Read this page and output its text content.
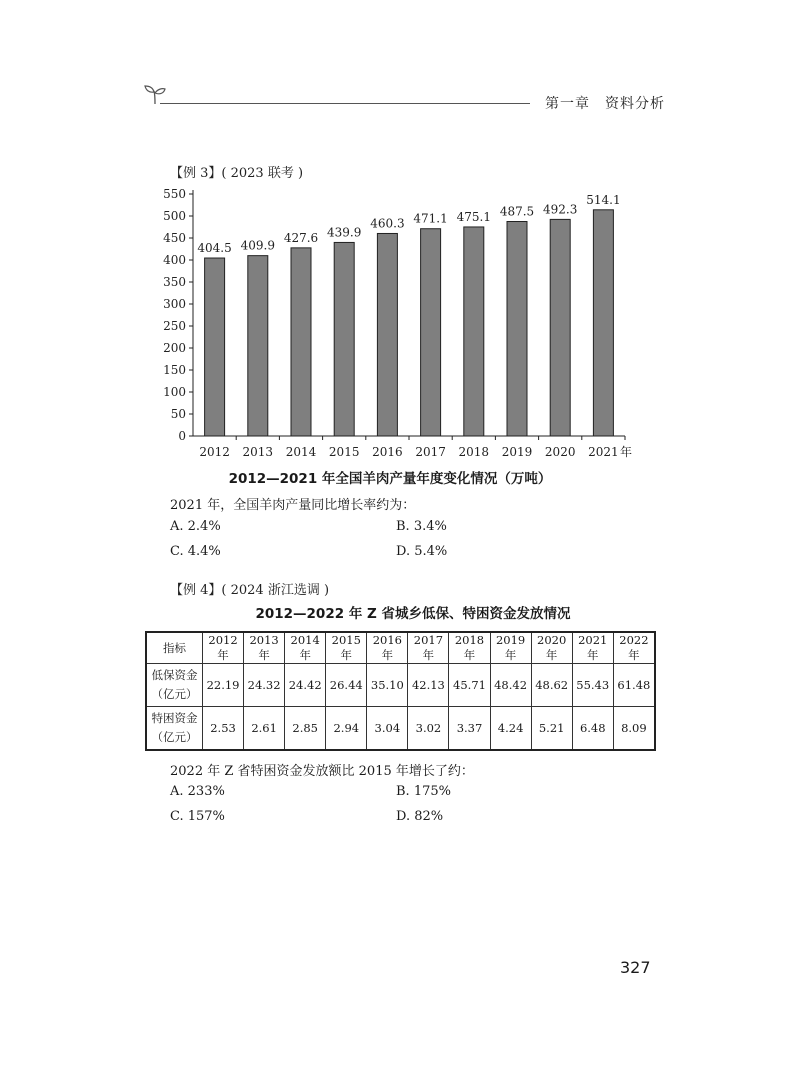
第一章　资料分析
【例 3】( 2023 联考 )
0
50
100
150
200
250
300
350
400
450
500
550
404.5
2012
409.9
2013
427.6
2014
439.9
2015
460.3
2016
471.1
2017
475.1
2018
487.5
2019
492.3
2020
514.1
2021 年
2012—2021 年全国羊肉产量年度变化情况（万吨）
2021 年，全国羊肉产量同比增长率约为：
A. 2.4%	B. 3.4%
C. 4.4%	D. 5.4%
【例 4】( 2024 浙江选调 )
2012—2022 年 Z 省城乡低保、特困资金发放情况
指标	2012 年	2013 年	2014 年	2015 年	2016 年	2017 年	2018 年	2019 年	2020 年	2021 年	2022 年

低保资金
（亿元）	22.19	24.32	24.42	26.44	35.10	42.13	45.71	48.42	48.62	55.43	61.48

特困资金
（亿元）	2.53	2.61	2.85	2.94	3.04	3.02	3.37	4.24	5.21	6.48	8.09
2022 年 Z 省特困资金发放额比 2015 年增长了约：
A. 233%	B. 175%
C. 157%	D. 82%
327
